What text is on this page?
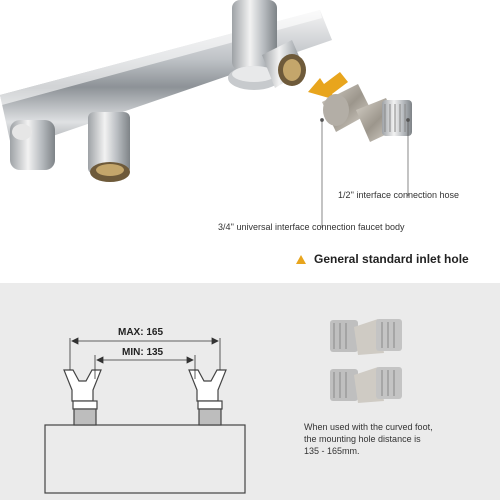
1/2'' interface connection hose
3/4'' universal interface connection faucet body
General standard inlet hole
MAX: 165
MIN: 135
When used with the curved foot,
the mounting hole distance is
135 - 165mm.
